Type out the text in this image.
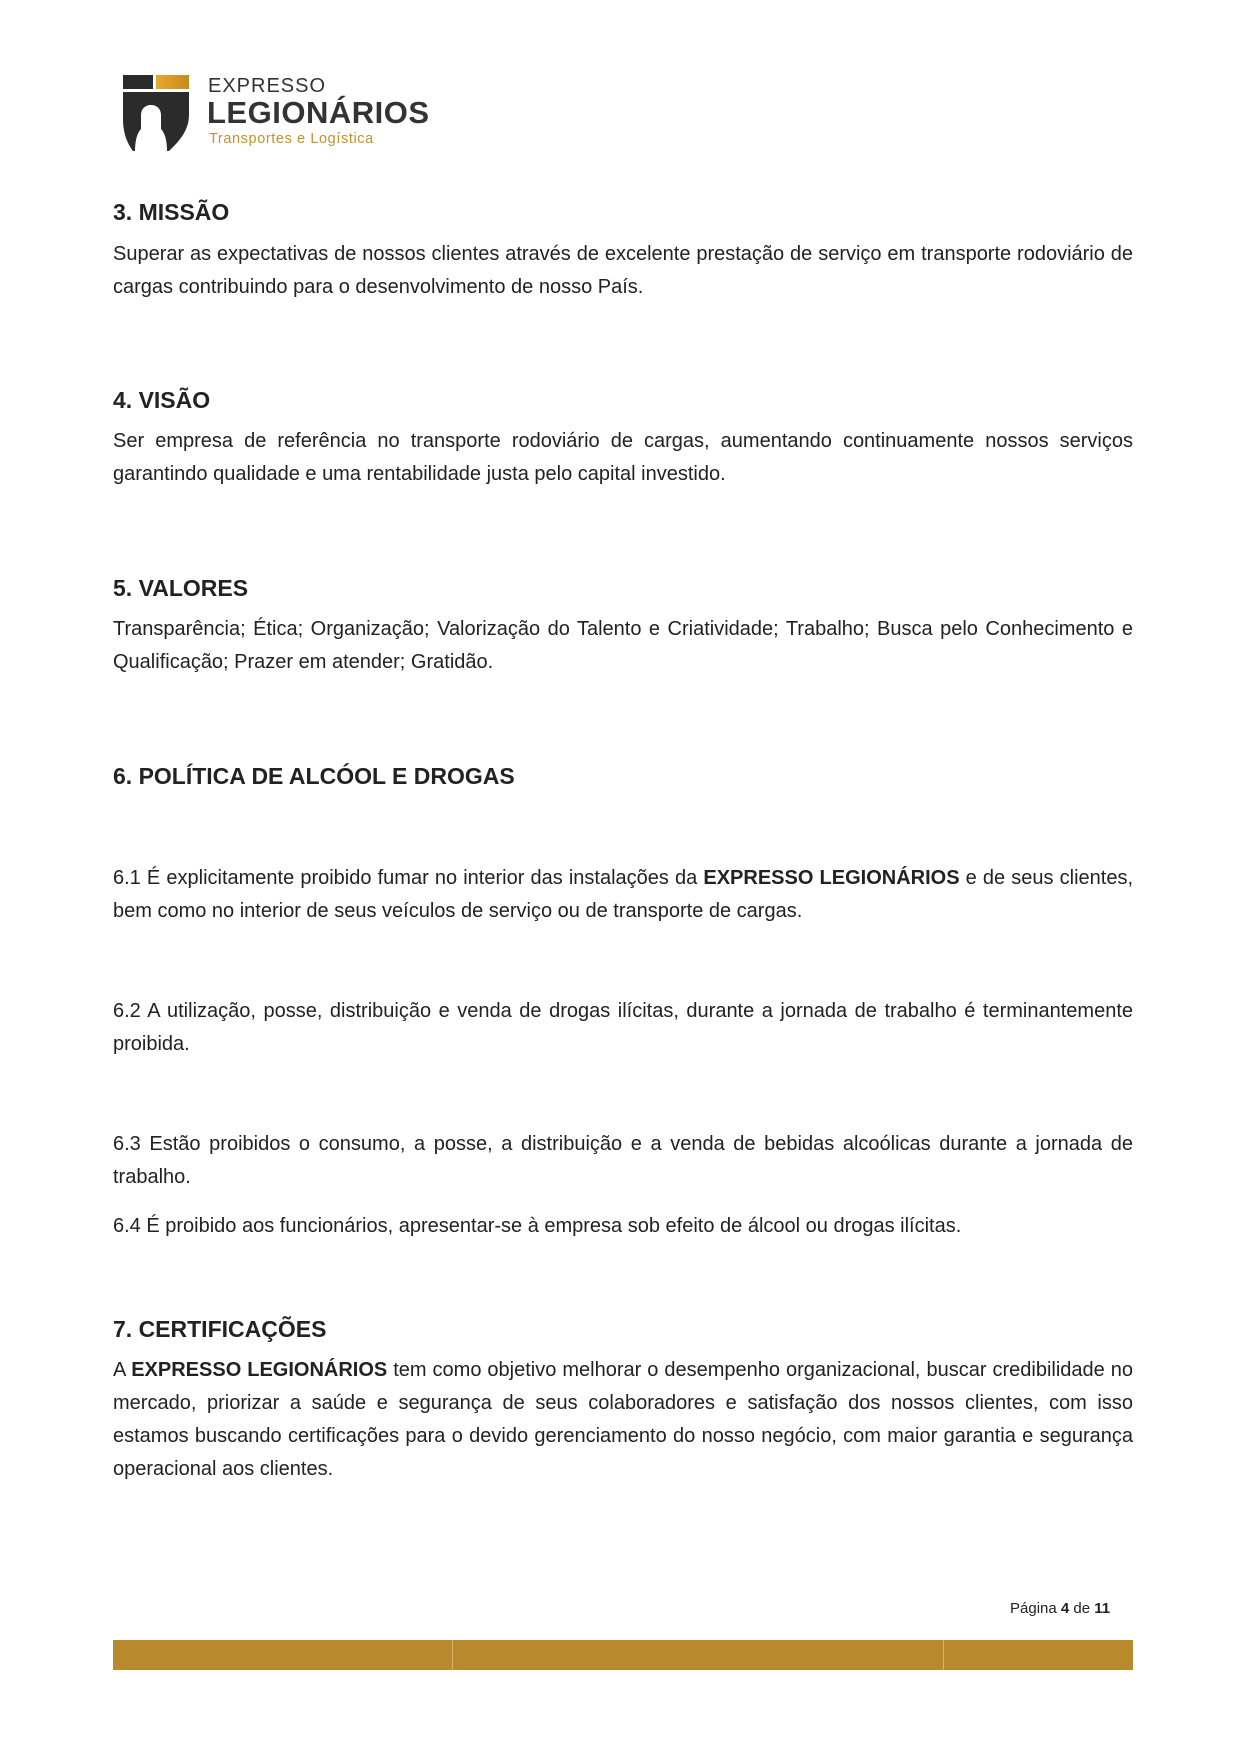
EXPRESSO
LEGIONÁRIOS
Transportes e Logística
3. MISSÃO

Superar as expectativas de nossos clientes através de excelente prestação de serviço em transporte rodoviário de cargas contribuindo para o desenvolvimento de nosso País.

4. VISÃO

Ser empresa de referência no transporte rodoviário de cargas, aumentando continuamente nossos serviços garantindo qualidade e uma rentabilidade justa pelo capital investido.

5. VALORES

Transparência; Ética; Organização; Valorização do Talento e Criatividade; Trabalho; Busca pelo Conhecimento e Qualificação; Prazer em atender; Gratidão.

6. POLÍTICA DE ALCÓOL E DROGAS

6.1 É explicitamente proibido fumar no interior das instalações da EXPRESSO LEGIONÁRIOS e de seus clientes, bem como no interior de seus veículos de serviço ou de transporte de cargas.

6.2 A utilização, posse, distribuição e venda de drogas ilícitas, durante a jornada de trabalho é terminantemente proibida.

6.3 Estão proibidos o consumo, a posse, a distribuição e a venda de bebidas alcoólicas durante a jornada de trabalho.

6.4 É proibido aos funcionários, apresentar-se à empresa sob efeito de álcool ou drogas ilícitas.

7. CERTIFICAÇÕES

A EXPRESSO LEGIONÁRIOS tem como objetivo melhorar o desempenho organizacional, buscar credibilidade no mercado, priorizar a saúde e segurança de seus colaboradores e satisfação dos nossos clientes, com isso estamos buscando certificações para o devido gerenciamento do nosso negócio, com maior garantia e segurança operacional aos clientes.

Página 4 de 11
